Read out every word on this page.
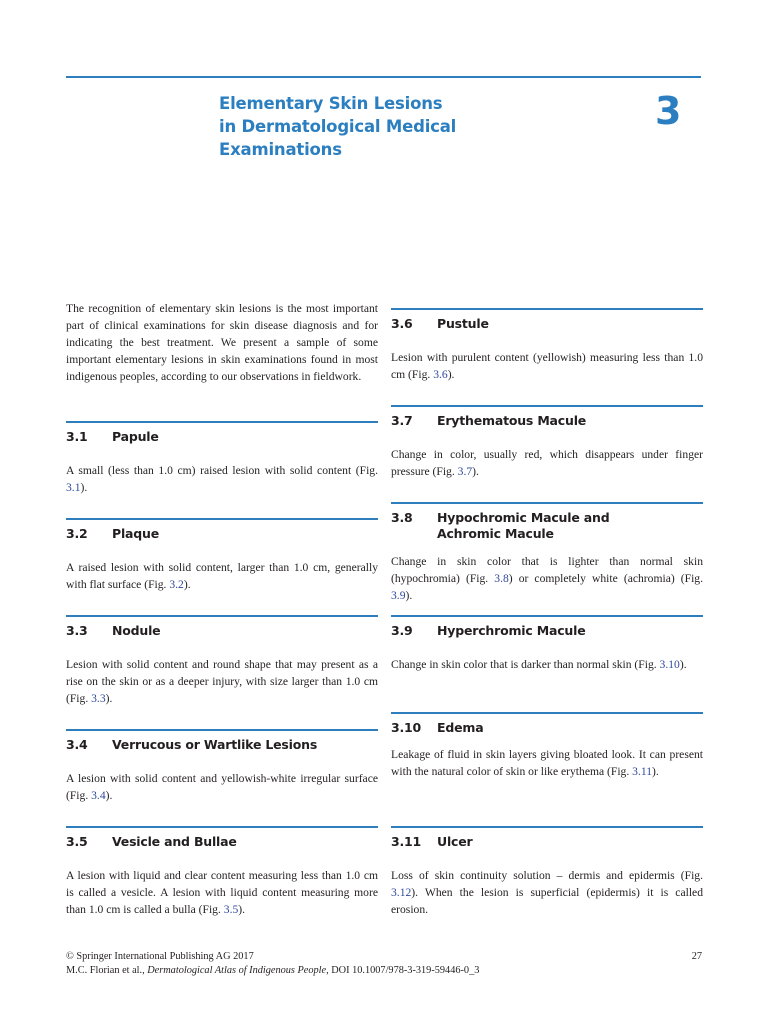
Elementary Skin Lesions
in Dermatological Medical
Examinations
3

The recognition of elementary skin lesions is the most important part of clinical examinations for skin disease diagnosis and for indicating the best treatment. We present a sample of some important elementary lesions in skin examinations found in most indigenous peoples, according to our observations in fieldwork.

3.1	Papule

A small (less than 1.0 cm) raised lesion with solid content (Fig. 3.1).

3.2	Plaque

A raised lesion with solid content, larger than 1.0 cm, generally with flat surface (Fig. 3.2).

3.3	Nodule

Lesion with solid content and round shape that may present as a rise on the skin or as a deeper injury, with size larger than 1.0 cm (Fig. 3.3).

3.4	Verrucous or Wartlike Lesions

A lesion with solid content and yellowish-white irregular surface (Fig. 3.4).

3.5	Vesicle and Bullae

A lesion with liquid and clear content measuring less than 1.0 cm is called a vesicle. A lesion with liquid content measuring more than 1.0 cm is called a bulla (Fig. 3.5).

3.6	Pustule

Lesion with purulent content (yellowish) measuring less than 1.0 cm (Fig. 3.6).

3.7	Erythematous Macule

Change in color, usually red, which disappears under finger pressure (Fig. 3.7).

3.8	Hypochromic Macule and Achromic Macule

Change in skin color that is lighter than normal skin (hypochromia) (Fig. 3.8) or completely white (achromia) (Fig. 3.9).

3.9	Hyperchromic Macule

Change in skin color that is darker than normal skin (Fig. 3.10).

3.10	Edema

Leakage of fluid in skin layers giving bloated look. It can present with the natural color of skin or like erythema (Fig. 3.11).

3.11	Ulcer

Loss of skin continuity solution – dermis and epidermis (Fig. 3.12). When the lesion is superficial (epidermis) it is called erosion.

© Springer International Publishing AG 2017
M.C. Florian et al., Dermatological Atlas of Indigenous People, DOI 10.1007/978-3-319-59446-0_3
27
